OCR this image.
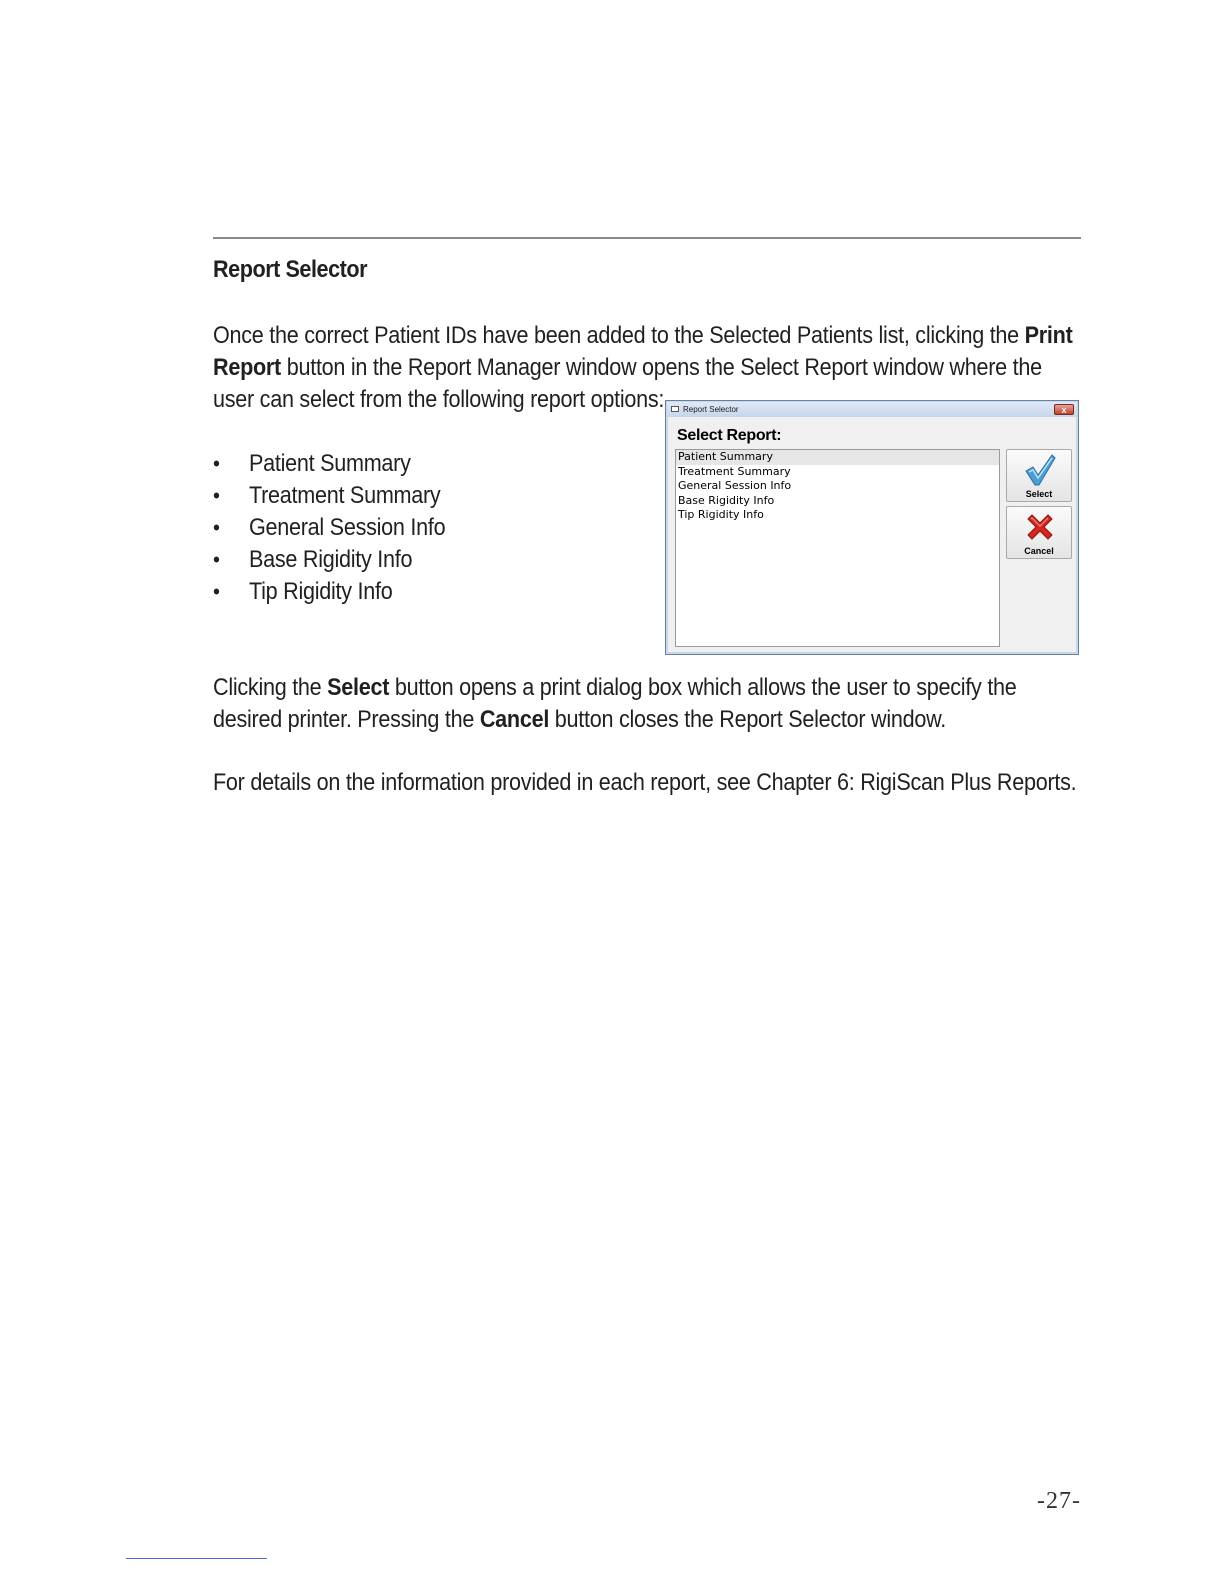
Report Selector

Once the correct Patient IDs have been added to the Selected Patients list, clicking the Print Report button in the Report Manager window opens the Select Report window where the user can select from the following report options:

• Patient Summary
• Treatment Summary
• General Session Info
• Base Rigidity Info
• Tip Rigidity Info
Report Selector	x
Select Report:
Patient Summary
Treatment Summary
General Session Info
Base Rigidity Info
Tip Rigidity Info
Select
Cancel

Clicking the Select button opens a print dialog box which allows the user to specify the desired printer. Pressing the Cancel button closes the Report Selector window.

For details on the information provided in each report, see Chapter 6: RigiScan Plus Reports.

-27-
